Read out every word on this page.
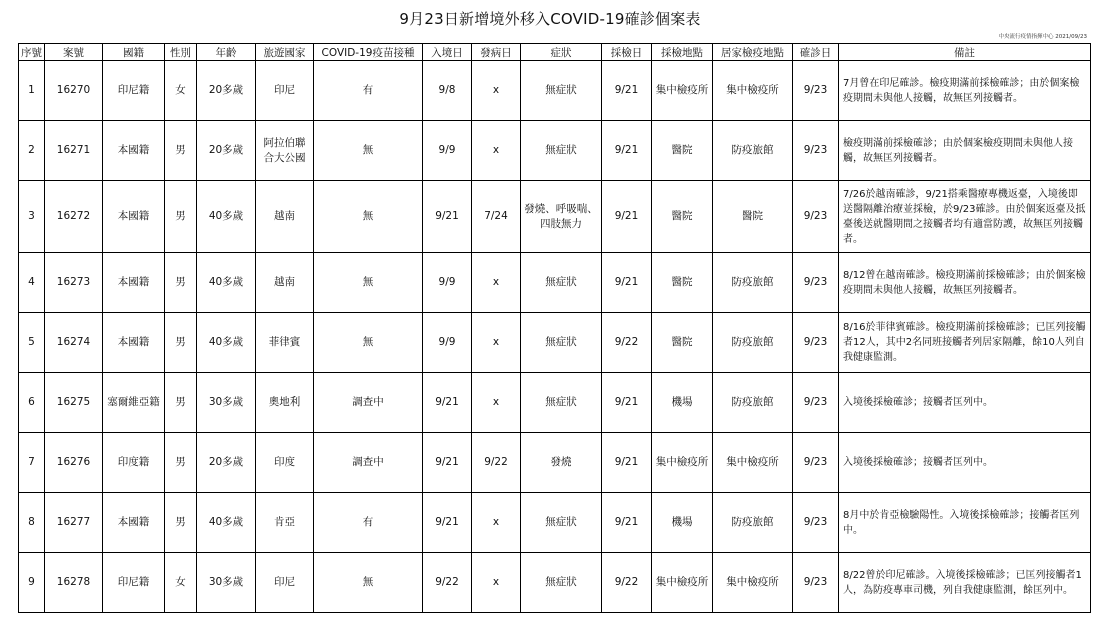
9月23日新增境外移入COVID-19確診個案表
中央流行疫情指揮中心 2021/09/23
序號	案號	國籍	性別	年齡	旅遊國家	COVID-19疫苗接種	入境日	發病日	症狀	採檢日	採檢地點	居家檢疫地點	確診日	備註
1	16270	印尼籍	女	20多歲	印尼	有	9/8	x	無症狀	9/21	集中檢疫所	集中檢疫所	9/23	7月曾在印尼確診。檢疫期滿前採檢確診；由於個案檢疫期間未與他人接觸，故無匡列接觸者。
2	16271	本國籍	男	20多歲	阿拉伯聯合大公國	無	9/9	x	無症狀	9/21	醫院	防疫旅館	9/23	檢疫期滿前採檢確診；由於個案檢疫期間未與他人接觸，故無匡列接觸者。
3	16272	本國籍	男	40多歲	越南	無	9/21	7/24	發燒、呼吸喘、四肢無力	9/21	醫院	醫院	9/23	7/26於越南確診，9/21搭乘醫療專機返臺，入境後即送醫隔離治療並採檢，於9/23確診。由於個案返臺及抵臺後送就醫期間之接觸者均有適當防護，故無匡列接觸者。
4	16273	本國籍	男	40多歲	越南	無	9/9	x	無症狀	9/21	醫院	防疫旅館	9/23	8/12曾在越南確診。檢疫期滿前採檢確診；由於個案檢疫期間未與他人接觸，故無匡列接觸者。
5	16274	本國籍	男	40多歲	菲律賓	無	9/9	x	無症狀	9/22	醫院	防疫旅館	9/23	8/16於菲律賓確診。檢疫期滿前採檢確診；已匡列接觸者12人，其中2名同班接觸者列居家隔離，餘10人列自我健康監測。
6	16275	塞爾維亞籍	男	30多歲	奧地利	調查中	9/21	x	無症狀	9/21	機場	防疫旅館	9/23	入境後採檢確診；接觸者匡列中。
7	16276	印度籍	男	20多歲	印度	調查中	9/21	9/22	發燒	9/21	集中檢疫所	集中檢疫所	9/23	入境後採檢確診；接觸者匡列中。
8	16277	本國籍	男	40多歲	肯亞	有	9/21	x	無症狀	9/21	機場	防疫旅館	9/23	8月中於肯亞檢驗陽性。入境後採檢確診；接觸者匡列中。
9	16278	印尼籍	女	30多歲	印尼	無	9/22	x	無症狀	9/22	集中檢疫所	集中檢疫所	9/23	8/22曾於印尼確診。入境後採檢確診；已匡列接觸者1人，為防疫專車司機，列自我健康監測，餘匡列中。
